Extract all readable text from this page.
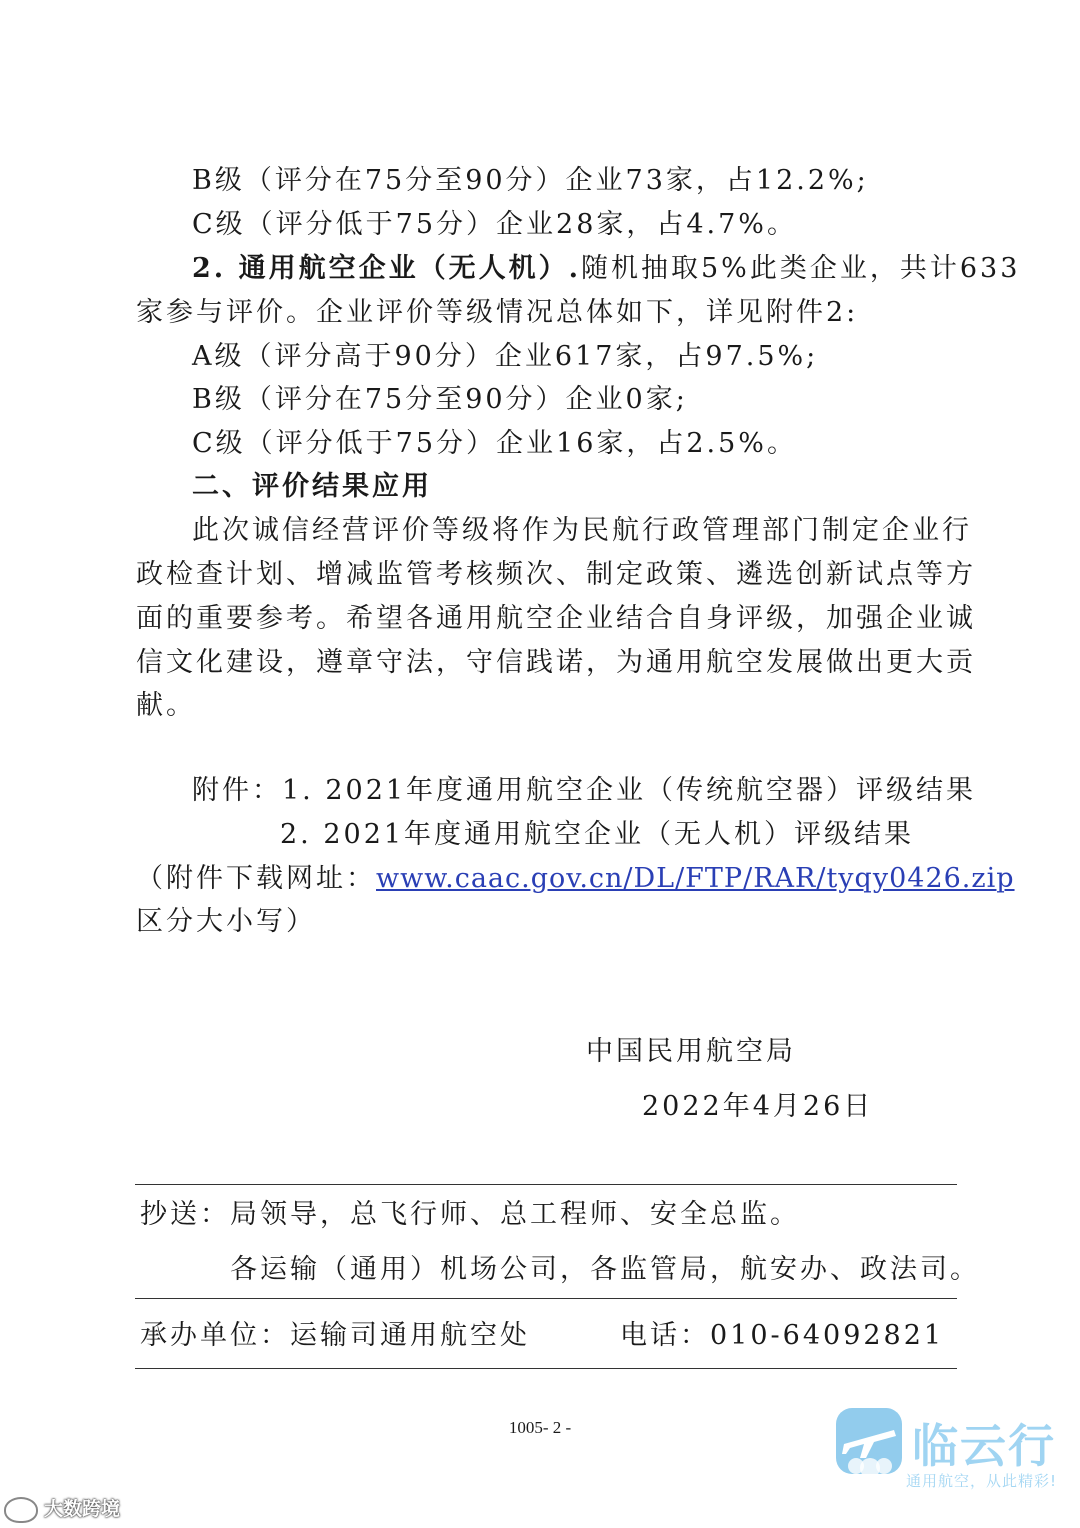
B级（评分在75分至90分）企业73家，占12.2%;
C级（评分低于75分）企业28家，占4.7%。
2. 通用航空企业（无人机）.随机抽取5%此类企业，共计633
家参与评价。企业评价等级情况总体如下，详见附件2:
A级（评分高于90分）企业617家，占97.5%;
B级（评分在75分至90分）企业0家;
C级（评分低于75分）企业16家，占2.5%。
二、评价结果应用
此次诚信经营评价等级将作为民航行政管理部门制定企业行
政检查计划、增减监管考核频次、制定政策、遴选创新试点等方
面的重要参考。希望各通用航空企业结合自身评级，加强企业诚
信文化建设，遵章守法，守信践诺，为通用航空发展做出更大贡
献。
附件：1. 2021年度通用航空企业（传统航空器）评级结果
2. 2021年度通用航空企业（无人机）评级结果
（附件下载网址：www.caac.gov.cn/DL/FTP/RAR/tyqy0426.zip
区分大小写）
中国民用航空局
2022年4月26日
抄送：局领导，总飞行师、总工程师、安全总监。
各运输（通用）机场公司，各监管局，航安办、政法司。
承办单位：运输司通用航空处	电话：010-64092821
1005- 2 -
大数跨境
临云行
通用航空，从此精彩!
